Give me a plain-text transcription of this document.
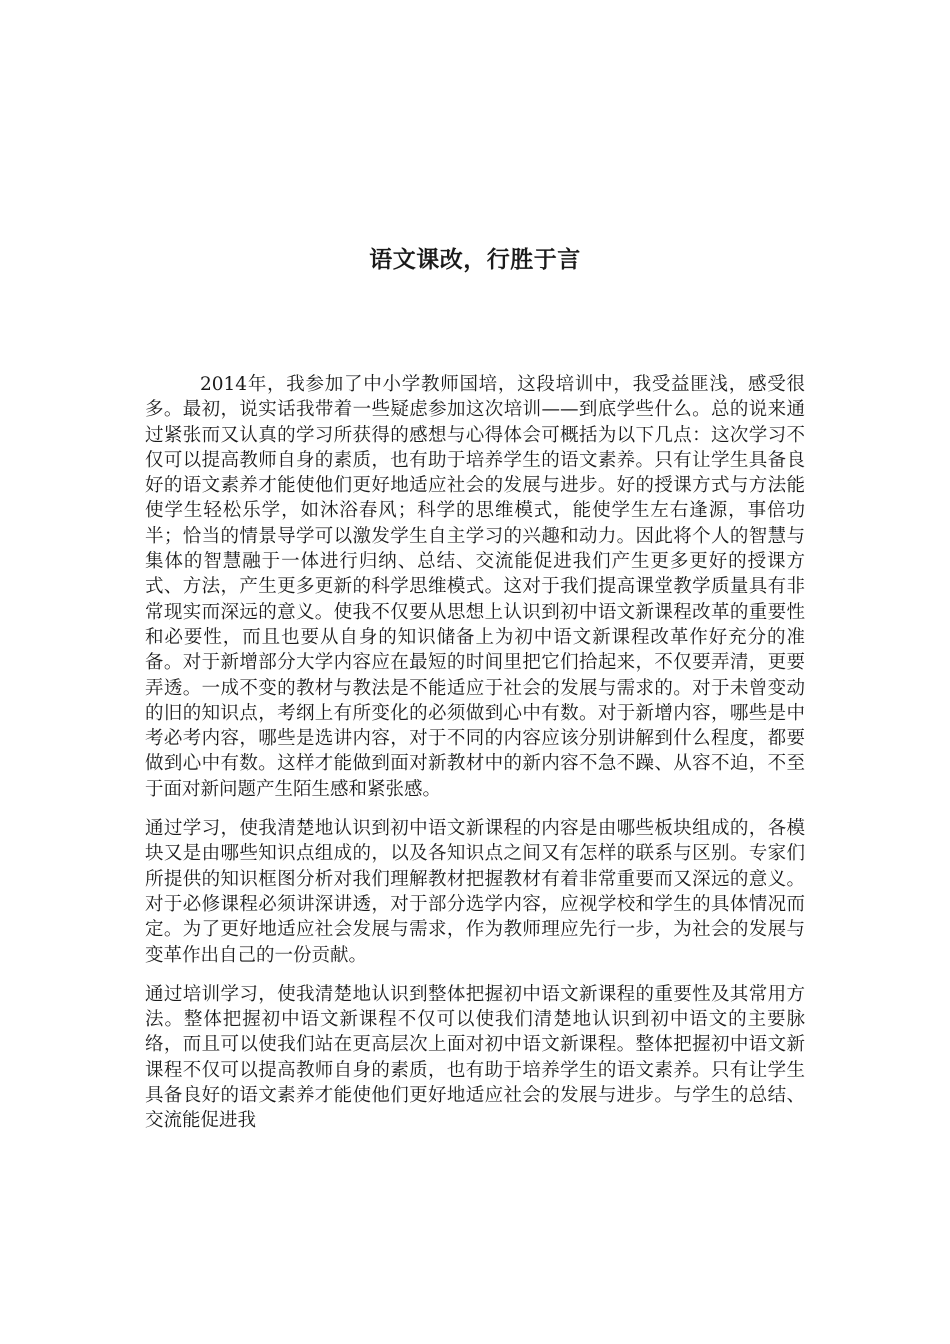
语文课改，行胜于言

2014年，我参加了中小学教师国培，这段培训中，我受益匪浅，感受很多。最初，说实话我带着一些疑虑参加这次培训——到底学些什么。总的说来通过紧张而又认真的学习所获得的感想与心得体会可概括为以下几点：这次学习不仅可以提高教师自身的素质，也有助于培养学生的语文素养。只有让学生具备良好的语文素养才能使他们更好地适应社会的发展与进步。好的授课方式与方法能使学生轻松乐学，如沐浴春风；科学的思维模式，能使学生左右逢源，事倍功半；恰当的情景导学可以激发学生自主学习的兴趣和动力。因此将个人的智慧与集体的智慧融于一体进行归纳、总结、交流能促进我们产生更多更好的授课方式、方法，产生更多更新的科学思维模式。这对于我们提高课堂教学质量具有非常现实而深远的意义。使我不仅要从思想上认识到初中语文新课程改革的重要性和必要性，而且也要从自身的知识储备上为初中语文新课程改革作好充分的准备。对于新增部分大学内容应在最短的时间里把它们拾起来，不仅要弄清，更要弄透。一成不变的教材与教法是不能适应于社会的发展与需求的。对于未曾变动的旧的知识点，考纲上有所变化的必须做到心中有数。对于新增内容，哪些是中考必考内容，哪些是选讲内容，对于不同的内容应该分别讲解到什么程度，都要做到心中有数。这样才能做到面对新教材中的新内容不急不躁、从容不迫，不至于面对新问题产生陌生感和紧张感。

通过学习，使我清楚地认识到初中语文新课程的内容是由哪些板块组成的，各模块又是由哪些知识点组成的，以及各知识点之间又有怎样的联系与区别。专家们所提供的知识框图分析对我们理解教材把握教材有着非常重要而又深远的意义。对于必修课程必须讲深讲透，对于部分选学内容，应视学校和学生的具体情况而定。为了更好地适应社会发展与需求，作为教师理应先行一步，为社会的发展与变革作出自己的一份贡献。

通过培训学习，使我清楚地认识到整体把握初中语文新课程的重要性及其常用方法。整体把握初中语文新课程不仅可以使我们清楚地认识到初中语文的主要脉络，而且可以使我们站在更高层次上面对初中语文新课程。整体把握初中语文新课程不仅可以提高教师自身的素质，也有助于培养学生的语文素养。只有让学生具备良好的语文素养才能使他们更好地适应社会的发展与进步。与学生的总结、交流能促进我
